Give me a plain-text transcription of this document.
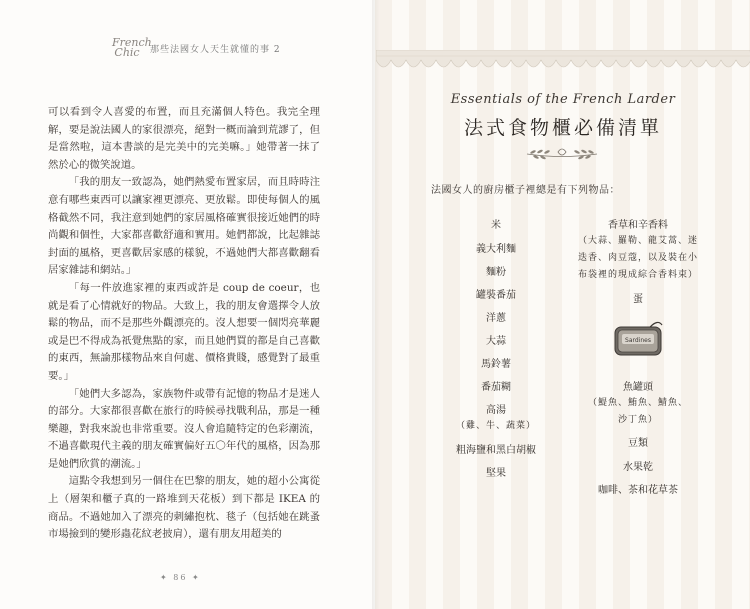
French
Chic 那些法國女人天生就懂的事 2

可以看到令人喜愛的布置，而且充滿個人特色。我完全理解，要是說法國人的家很漂亮，絕對一概而論到荒謬了，但是當然啦，這本書談的是完美中的完美嘛。」她帶著一抹了然於心的微笑說道。

「我的朋友一致認為，她們熱愛布置家居，而且時時注意有哪些東西可以讓家裡更漂亮、更放鬆。即使每個人的風格截然不同，我注意到她們的家居風格確實很接近她們的時尚觀和個性，大家都喜歡舒適和實用。她們都說，比起雜誌封面的風格，更喜歡居家感的樣貌，不過她們大都喜歡翻看居家雜誌和網站。」

「每一件放進家裡的東西或許是 coup de coeur，也就是看了心情就好的物品。大致上，我的朋友會選擇令人放鬆的物品，而不是那些外觀漂亮的。沒人想要一個閃亮華麗或是巴不得成為祇覺焦點的家，而且她們買的都是自己喜歡的東西，無論那樣物品來自何處、價格貴賤，感覺對了最重要。」

「她們大多認為，家族物件或帶有記憶的物品才是迷人的部分。大家都很喜歡在旅行的時候尋找戰利品，那是一種樂趣，對我來說也非常重要。沒人會追隨特定的色彩潮流，不過喜歡現代主義的朋友確實偏好五〇年代的風格，因為那是她們欣賞的潮流。」

這點令我想到另一個住在巴黎的朋友，她的超小公寓從上（層架和櫃子真的一路堆到天花板）到下都是 IKEA 的商品。不過她加入了漂亮的刺繡抱枕、毯子（包括她在跳蚤市場撿到的變形蟲花紋老披肩），還有朋友用超美的

✦ 86 ✦
Essentials of the French Larder
法式食物櫃必備清單
法國女人的廚房櫃子裡總是有下列物品：
米
義大利麵
麵粉
罐裝番茄
洋蔥
大蒜
馬鈴薯
番茄糊
高湯
（雞、牛、蔬菜）
粗海鹽和黑白胡椒
堅果
香草和辛香料
（大蒜、羅勒、龍艾蒿、迷
迭香、肉豆蔻，以及裝在小
布袋裡的現成綜合香料束）
蛋
魚罐頭
（鯷魚、鮪魚、鯖魚、
沙丁魚）
豆類
水果乾
咖啡、茶和花草茶
Sardines
